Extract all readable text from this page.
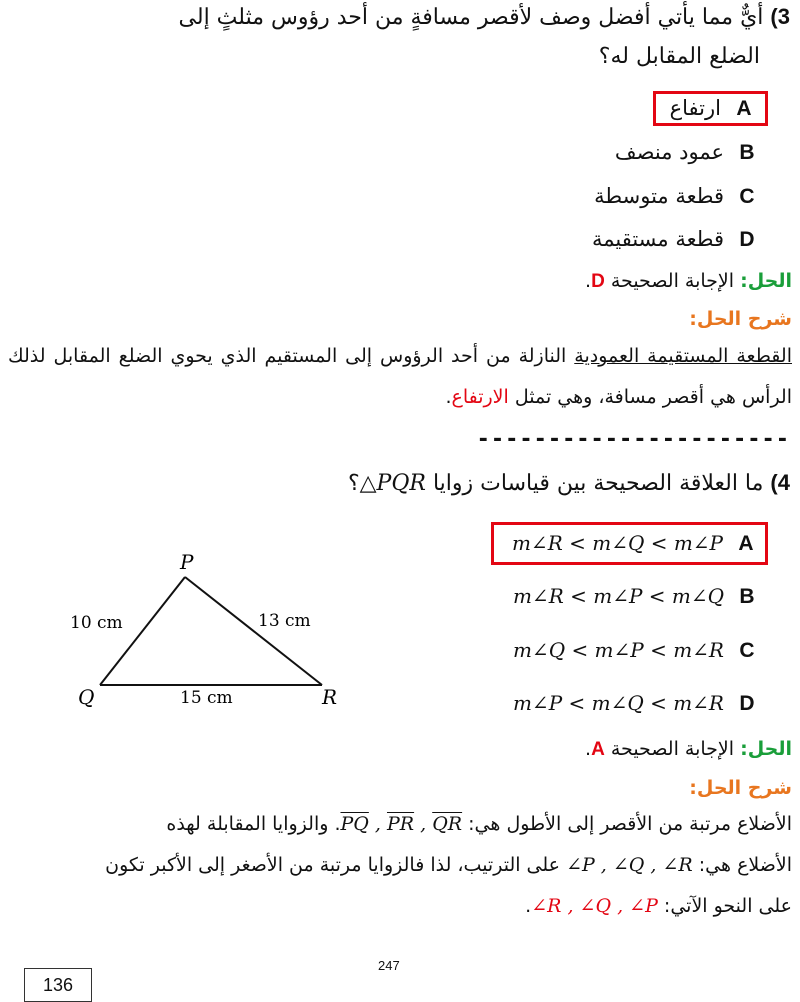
3) أيٌّ مما يأتي أفضل وصف لأقصر مسافةٍ من أحد رؤوس مثلثٍ إلى
الضلع المقابل له؟
Aارتفاع
Bعمود منصف
Cقطعة متوسطة
Dقطعة مستقيمة
الحل: الإجابة الصحيحة D.
شرح الحل:
القطعة المستقيمة العمودية النازلة من أحد الرؤوس إلى المستقيم الذي يحوي الضلع المقابل لذلك الرأس هي أقصر مسافة، وهي تمثل الارتفاع.
----------------------
4) ما العلاقة الصحيحة بين قياسات زوايا △PQR؟
P
Q	R
10 cm	13 cm
15 cm
Am∠R < m∠Q < m∠P
Bm∠R < m∠P < m∠Q
Cm∠Q < m∠P < m∠R
Dm∠P < m∠Q < m∠R
الحل: الإجابة الصحيحة A.
شرح الحل:
الأضلاع مرتبة من الأقصر إلى الأطول هي: $\overline{PQ}$ , $\overline{PR}$ , $\overline{QR}$. والزوايا المقابلة لهذه
الأضلاع هي: ∠P , ∠Q , ∠R على الترتيب، لذا فالزوايا مرتبة من الأصغر إلى الأكبر تكون
على النحو الآتي: ∠R , ∠Q , ∠P.
247
136
